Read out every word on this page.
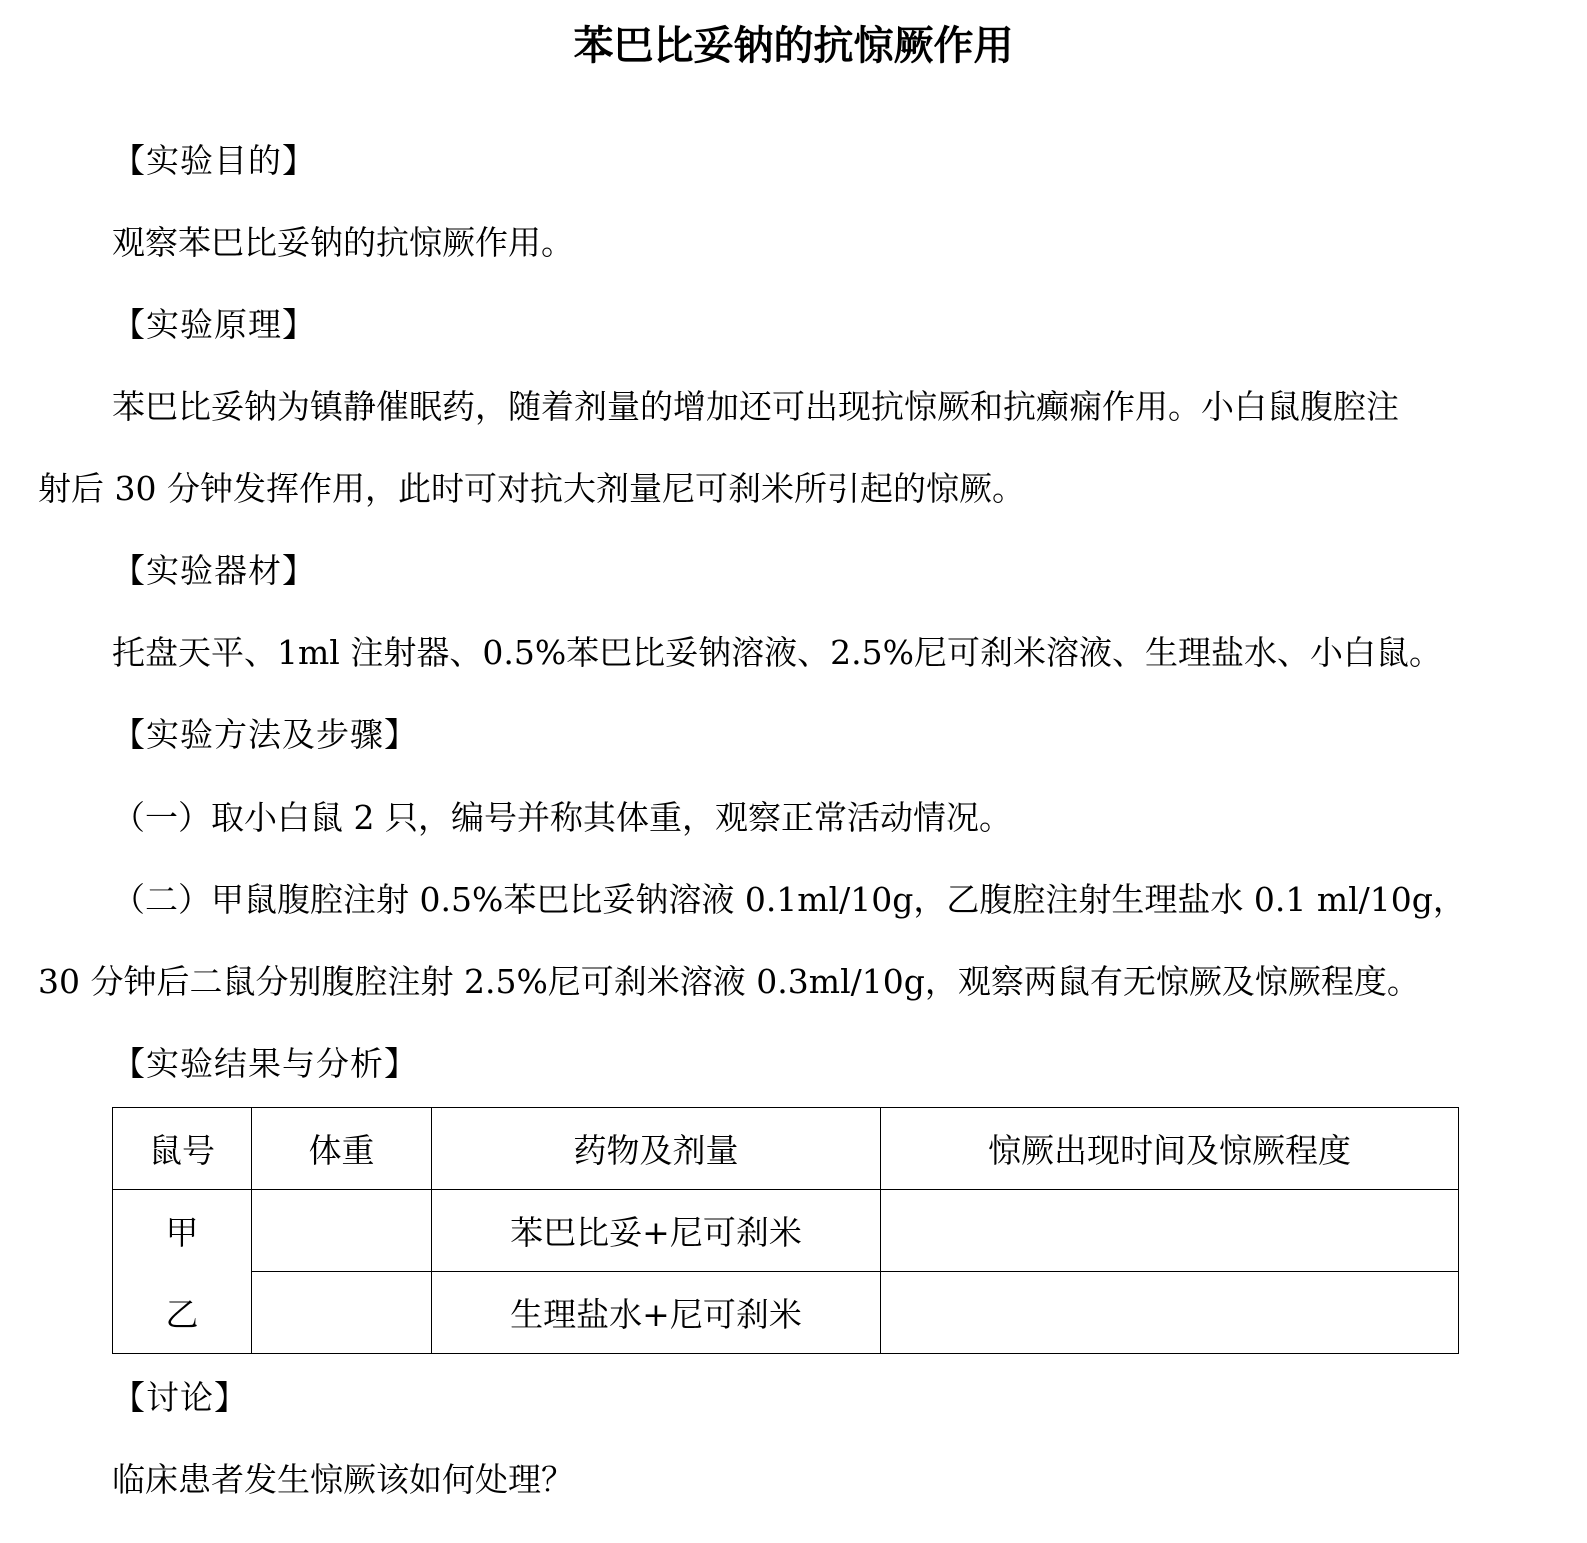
苯巴比妥钠的抗惊厥作用

【实验目的】

观察苯巴比妥钠的抗惊厥作用。

【实验原理】

苯巴比妥钠为镇静催眠药，随着剂量的增加还可出现抗惊厥和抗癫痫作用。小白鼠腹腔注

射后 30 分钟发挥作用，此时可对抗大剂量尼可刹米所引起的惊厥。

【实验器材】

托盘天平、1ml 注射器、0.5%苯巴比妥钠溶液、2.5%尼可刹米溶液、生理盐水、小白鼠。

【实验方法及步骤】

（一）取小白鼠 2 只，编号并称其体重，观察正常活动情况。

（二）甲鼠腹腔注射 0.5%苯巴比妥钠溶液 0.1ml/10g，乙腹腔注射生理盐水 0.1 ml/10g，

30 分钟后二鼠分别腹腔注射 2.5%尼可刹米溶液 0.3ml/10g，观察两鼠有无惊厥及惊厥程度。

【实验结果与分析】

鼠号	体重	药物及剂量	惊厥出现时间及惊厥程度
甲		苯巴比妥+尼可刹米	
乙		生理盐水+尼可刹米	

【讨论】

临床患者发生惊厥该如何处理？
